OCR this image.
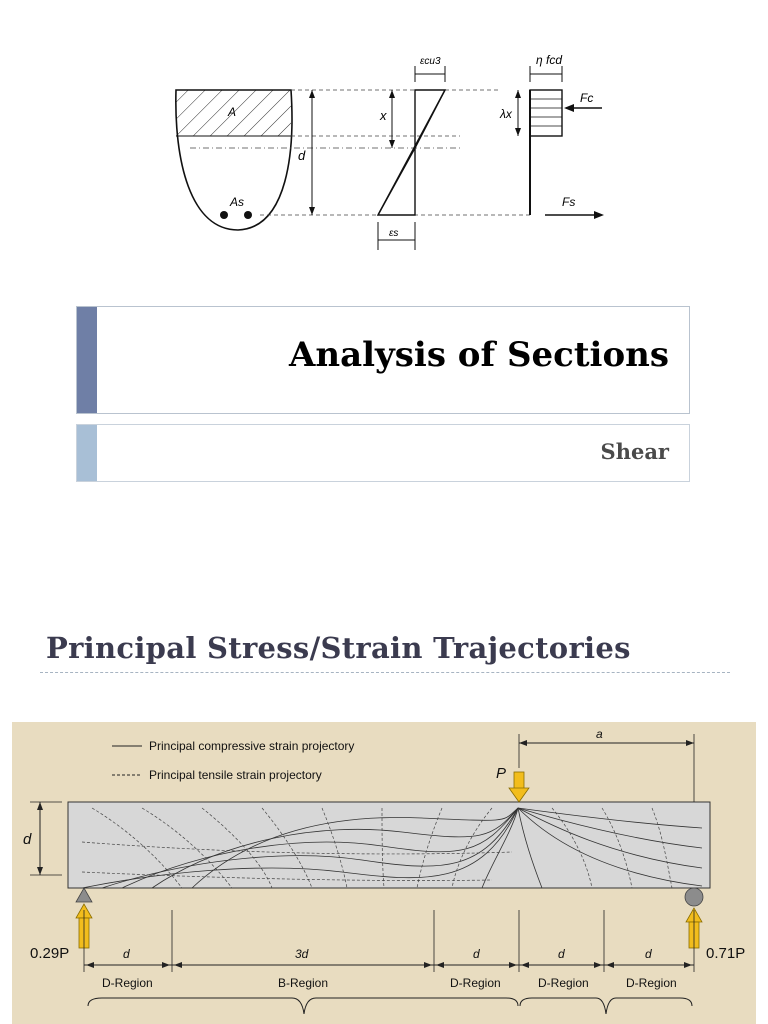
A
As
d
x
εcu3
εs
η fcd
λx
Fc
Fs
Analysis of Sections
Shear
Principal Stress/Strain Trajectories
Principal compressive strain projectory
Principal tensile strain projectory	P
a
d
0.29P	0.71P
d	3d	d	d	d
D-Region	B-Region	D-Region	D-Region	D-Region
